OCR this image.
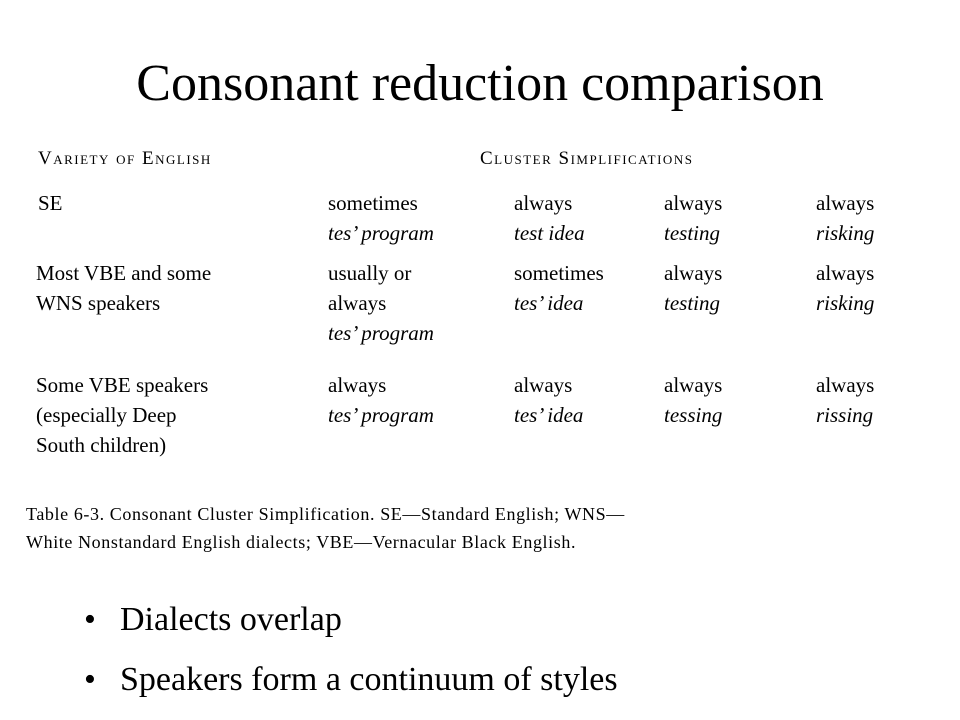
Consonant reduction comparison
Variety of English	Cluster Simplifications
SE	sometimes
tes’ program
always
test idea
always
testing
always
risking
Most VBE and some
WNS speakers
usually or
always
tes’ program
sometimes
tes’ idea
always
testing
always
risking
Some VBE speakers
(especially Deep
South children)
always
tes’ program
always
tes’ idea
always
tessing
always
rissing
Table 6-3. Consonant Cluster Simplification. SE—Standard English; WNS—
White Nonstandard English dialects; VBE—Vernacular Black English.
• Dialects overlap
• Speakers form a continuum of styles
